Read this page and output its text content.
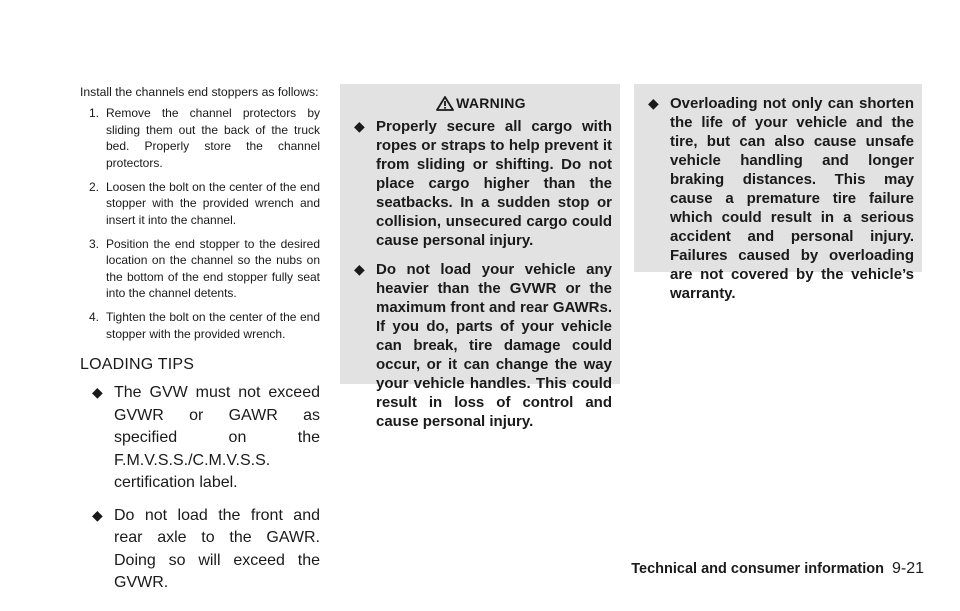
Install the channels end stoppers as follows:

1. Remove the channel protectors by sliding them out the back of the truck bed. Properly store the channel protectors.
2. Loosen the bolt on the center of the end stopper with the provided wrench and insert it into the channel.
3. Position the end stopper to the desired location on the channel so the nubs on the bottom of the end stopper fully seat into the channel detents.
4. Tighten the bolt on the center of the end stopper with the provided wrench.
LOADING TIPS
◆ The GVW must not exceed GVWR or GAWR as specified on the F.M.V.S.S./C.M.V.S.S. certification label.
◆ Do not load the front and rear axle to the GAWR. Doing so will exceed the GVWR.
WARNING
◆ Properly secure all cargo with ropes or straps to help prevent it from sliding or shifting. Do not place cargo higher than the seatbacks. In a sudden stop or collision, unsecured cargo could cause personal injury.
◆ Do not load your vehicle any heavier than the GVWR or the maximum front and rear GAWRs. If you do, parts of your vehicle can break, tire damage could occur, or it can change the way your vehicle handles. This could result in loss of control and cause personal injury.
◆ Overloading not only can shorten the life of your vehicle and the tire, but can also cause unsafe vehicle handling and longer braking distances. This may cause a premature tire failure which could result in a serious accident and personal injury. Failures caused by overloading are not covered by the vehicle’s warranty.
Technical and consumer information 9-21
